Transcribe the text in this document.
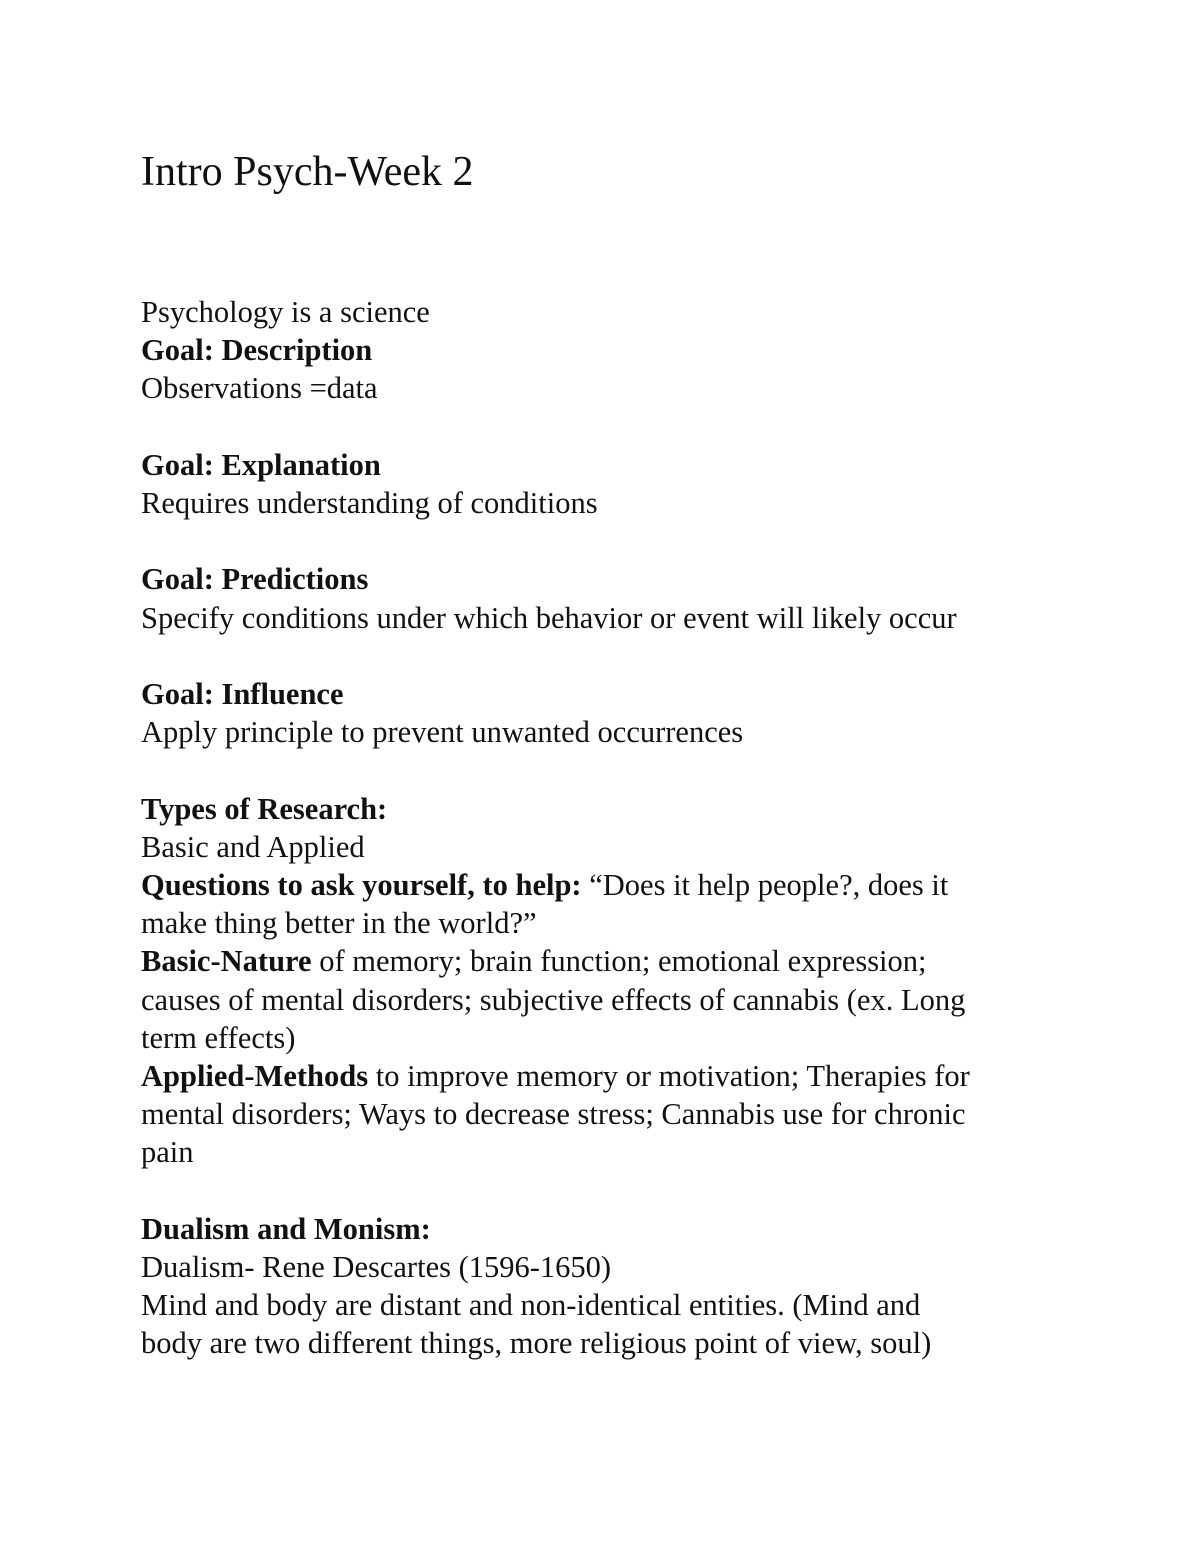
Intro Psych-Week 2
Psychology is a science
Goal: Description
Observations =data
Goal: Explanation
Requires understanding of conditions
Goal: Predictions
Specify conditions under which behavior or event will likely occur
Goal: Influence
Apply principle to prevent unwanted occurrences
Types of Research:
Basic and Applied
Questions to ask yourself, to help: “Does it help people?, does it
make thing better in the world?”
Basic-Nature of memory; brain function; emotional expression;
causes of mental disorders; subjective effects of cannabis (ex. Long
term effects)
Applied-Methods to improve memory or motivation; Therapies for
mental disorders; Ways to decrease stress; Cannabis use for chronic
pain
Dualism and Monism:
Dualism- Rene Descartes (1596-1650)
Mind and body are distant and non-identical entities. (Mind and
body are two different things, more religious point of view, soul)
